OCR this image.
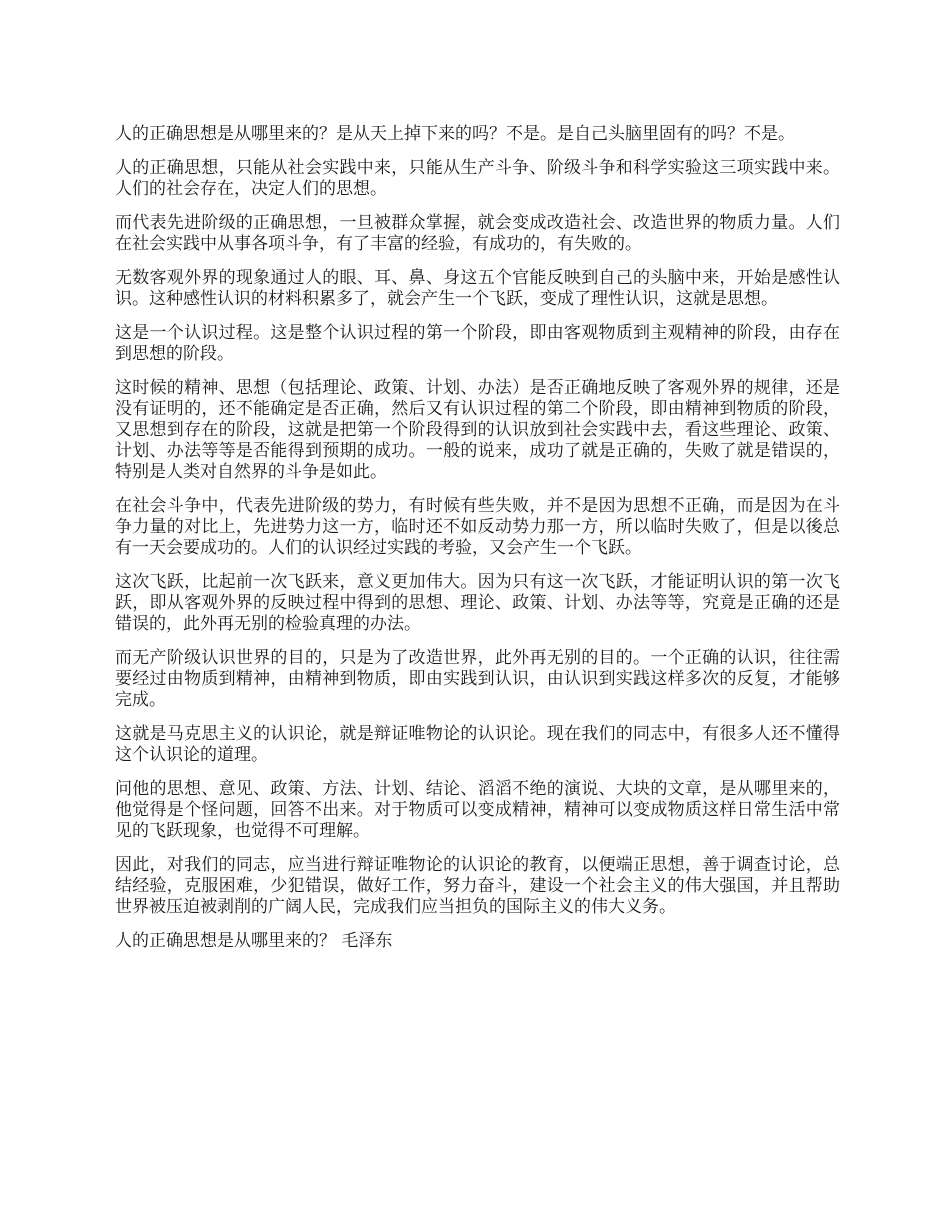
人的正确思想是从哪里来的？是从天上掉下来的吗？不是。是自己头脑里固有的吗？不是。

人的正确思想，只能从社会实践中来，只能从生产斗争、阶级斗争和科学实验这三项实践中来。人们的社会存在，决定人们的思想。

而代表先进阶级的正确思想，一旦被群众掌握，就会变成改造社会、改造世界的物质力量。人们在社会实践中从事各项斗争，有了丰富的经验，有成功的，有失败的。

无数客观外界的现象通过人的眼、耳、鼻、身这五个官能反映到自己的头脑中来，开始是感性认识。这种感性认识的材料积累多了，就会产生一个飞跃，变成了理性认识，这就是思想。

这是一个认识过程。这是整个认识过程的第一个阶段，即由客观物质到主观精神的阶段，由存在到思想的阶段。

这时候的精神、思想（包括理论、政策、计划、办法）是否正确地反映了客观外界的规律，还是没有证明的，还不能确定是否正确，然后又有认识过程的第二个阶段，即由精神到物质的阶段，又思想到存在的阶段，这就是把第一个阶段得到的认识放到社会实践中去，看这些理论、政策、计划、办法等等是否能得到预期的成功。一般的说来，成功了就是正确的，失败了就是错误的，特别是人类对自然界的斗争是如此。

在社会斗争中，代表先进阶级的势力，有时候有些失败，并不是因为思想不正确，而是因为在斗争力量的对比上，先进势力这一方，临时还不如反动势力那一方，所以临时失败了，但是以後总有一天会要成功的。人们的认识经过实践的考验，又会产生一个飞跃。

这次飞跃，比起前一次飞跃来，意义更加伟大。因为只有这一次飞跃，才能证明认识的第一次飞跃，即从客观外界的反映过程中得到的思想、理论、政策、计划、办法等等，究竟是正确的还是错误的，此外再无别的检验真理的办法。

而无产阶级认识世界的目的，只是为了改造世界，此外再无别的目的。一个正确的认识，往往需要经过由物质到精神，由精神到物质，即由实践到认识，由认识到实践这样多次的反复，才能够完成。

这就是马克思主义的认识论，就是辩证唯物论的认识论。现在我们的同志中，有很多人还不懂得这个认识论的道理。

问他的思想、意见、政策、方法、计划、结论、滔滔不绝的演说、大块的文章，是从哪里来的，他觉得是个怪问题，回答不出来。对于物质可以变成精神，精神可以变成物质这样日常生活中常见的飞跃现象，也觉得不可理解。

因此，对我们的同志，应当进行辩证唯物论的认识论的教育，以便端正思想，善于调查讨论，总结经验，克服困难，少犯错误，做好工作，努力奋斗，建设一个社会主义的伟大强国，并且帮助世界被压迫被剥削的广阔人民，完成我们应当担负的国际主义的伟大义务。

人的正确思想是从哪里来的？ 毛泽东
